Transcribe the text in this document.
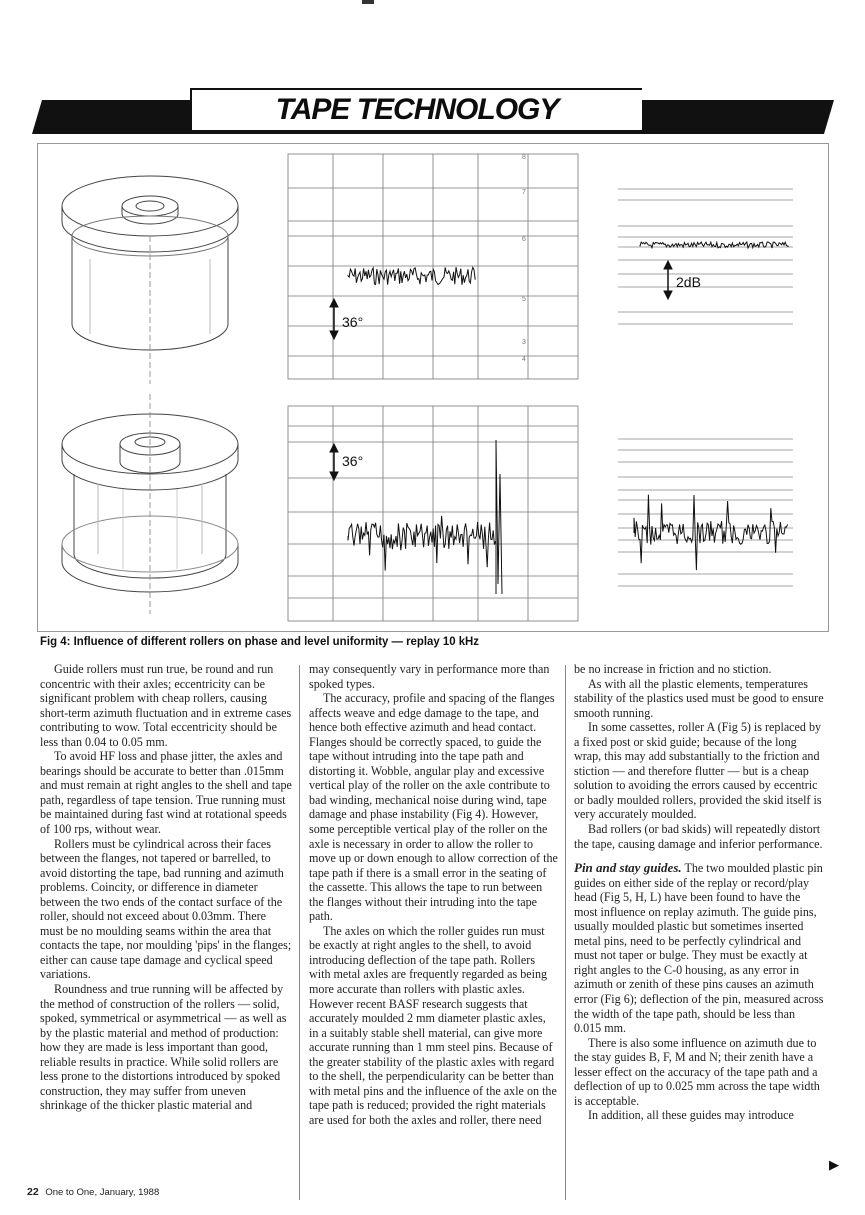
TAPE TECHNOLOGY
8
7
6
5
4
3
36°
36°
2dB
Fig 4: Influence of different rollers on phase and level uniformity — replay 10 kHz

Guide rollers must run true, be round and run concentric with their axles; eccentricity can be significant problem with cheap rollers, causing short-term azimuth fluctuation and in extreme cases contributing to wow. Total eccentricity should be less than 0.04 to 0.05 mm.

To avoid HF loss and phase jitter, the axles and bearings should be accurate to better than .015mm and must remain at right angles to the shell and tape path, regardless of tape tension. True running must be maintained during fast wind at rotational speeds of 100 rps, without wear.

Rollers must be cylindrical across their faces between the flanges, not tapered or barrelled, to avoid distorting the tape, bad running and azimuth problems. Coincity, or difference in diameter between the two ends of the contact surface of the roller, should not exceed about 0.03mm. There must be no moulding seams within the area that contacts the tape, nor moulding 'pips' in the flanges; either can cause tape damage and cyclical speed variations.

Roundness and true running will be affected by the method of construction of the rollers — solid, spoked, symmetrical or asymmetrical — as well as by the plastic material and method of production: how they are made is less important than good, reliable results in practice. While solid rollers are less prone to the distortions introduced by spoked construction, they may suffer from uneven shrinkage of the thicker plastic material and

may consequently vary in performance more than spoked types.

The accuracy, profile and spacing of the flanges affects weave and edge damage to the tape, and hence both effective azimuth and head contact. Flanges should be correctly spaced, to guide the tape without intruding into the tape path and distorting it. Wobble, angular play and excessive vertical play of the roller on the axle contribute to bad winding, mechanical noise during wind, tape damage and phase instability (Fig 4). However, some perceptible vertical play of the roller on the axle is necessary in order to allow the roller to move up or down enough to allow correction of the tape path if there is a small error in the seating of the cassette. This allows the tape to run between the flanges without their intruding into the tape path.

The axles on which the roller guides run must be exactly at right angles to the shell, to avoid introducing deflection of the tape path. Rollers with metal axles are frequently regarded as being more accurate than rollers with plastic axles. However recent BASF research suggests that accurately moulded 2 mm diameter plastic axles, in a suitably stable shell material, can give more accurate running than 1 mm steel pins. Because of the greater stability of the plastic axles with regard to the shell, the perpendicularity can be better than with metal pins and the influence of the axle on the tape path is reduced; provided the right materials are used for both the axles and roller, there need

be no increase in friction and no stiction.

As with all the plastic elements, temperatures stability of the plastics used must be good to ensure smooth running.

In some cassettes, roller A (Fig 5) is replaced by a fixed post or skid guide; because of the long wrap, this may add substantially to the friction and stiction — and therefore flutter — but is a cheap solution to avoiding the errors caused by eccentric or badly moulded rollers, provided the skid itself is very accurately moulded.

Bad rollers (or bad skids) will repeatedly distort the tape, causing damage and inferior performance.

Pin and stay guides. The two moulded plastic pin guides on either side of the replay or record/play head (Fig 5, H, L) have been found to have the most influence on replay azimuth. The guide pins, usually moulded plastic but sometimes inserted metal pins, need to be perfectly cylindrical and must not taper or bulge. They must be exactly at right angles to the C-0 housing, as any error in azimuth or zenith of these pins causes an azimuth error (Fig 6); deflection of the pin, measured across the width of the tape path, should be less than 0.015 mm.

There is also some influence on azimuth due to the stay guides B, F, M and N; their zenith have a lesser effect on the accuracy of the tape path and a deflection of up to 0.025 mm across the tape width is acceptable.

In addition, all these guides may introduce

▶
22 One to One, January, 1988
